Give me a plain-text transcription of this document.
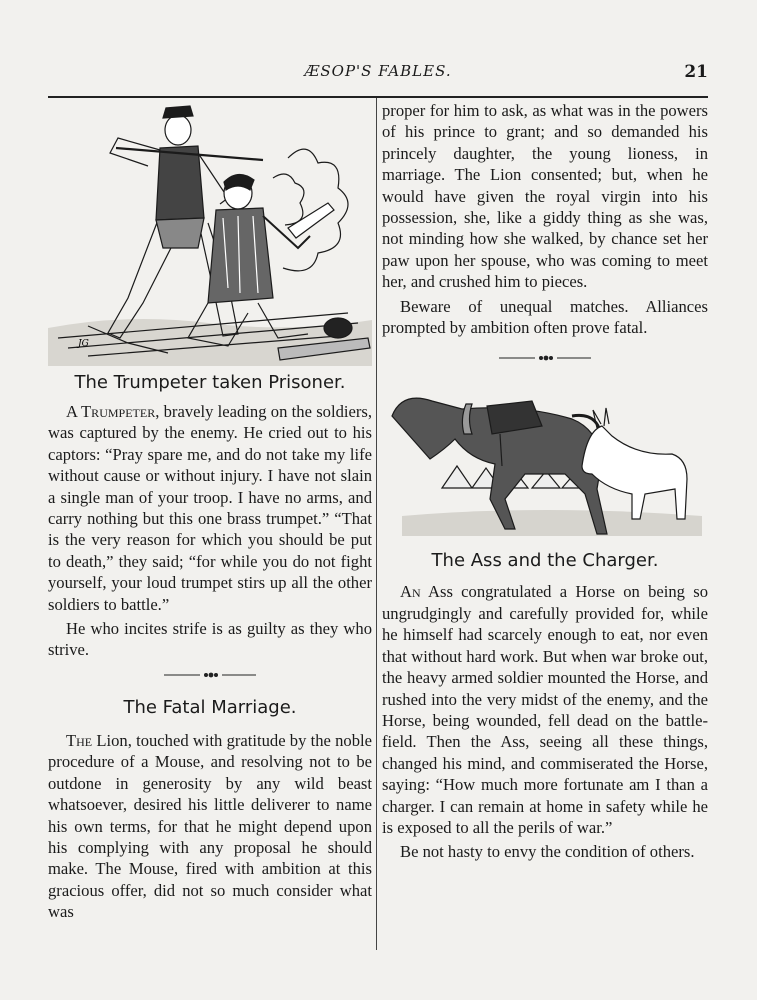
ÆSOP'S FABLES.	21
JG
The Trumpeter taken Prisoner.

A Trumpeter, bravely leading on the soldiers, was captured by the enemy. He cried out to his captors: “Pray spare me, and do not take my life without cause or without injury. I have not slain a single man of your troop. I have no arms, and carry nothing but this one brass trumpet.” “That is the very reason for which you should be put to death,” they said; “for while you do not fight yourself, your loud trumpet stirs up all the other soldiers to battle.”

He who incites strife is as guilty as they who strive.

The Fatal Marriage.

The Lion, touched with gratitude by the noble procedure of a Mouse, and resolving not to be outdone in generosity by any wild beast whatsoever, desired his little deliverer to name his own terms, for that he might depend upon his complying with any proposal he should make. The Mouse, fired with ambition at this gracious offer, did not so much consider what was

proper for him to ask, as what was in the powers of his prince to grant; and so demanded his princely daughter, the young lioness, in marriage. The Lion consented; but, when he would have given the royal virgin into his possession, she, like a giddy thing as she was, not minding how she walked, by chance set her paw upon her spouse, who was coming to meet her, and crushed him to pieces.

Beware of unequal matches. Alliances prompted by ambition often prove fatal.

The Ass and the Charger.

An Ass congratulated a Horse on being so ungrudgingly and carefully provided for, while he himself had scarcely enough to eat, nor even that without hard work. But when war broke out, the heavy armed soldier mounted the Horse, and rushed into the very midst of the enemy, and the Horse, being wounded, fell dead on the battle-field. Then the Ass, seeing all these things, changed his mind, and commiserated the Horse, saying: “How much more fortunate am I than a charger. I can remain at home in safety while he is exposed to all the perils of war.”

Be not hasty to envy the condition of others.
